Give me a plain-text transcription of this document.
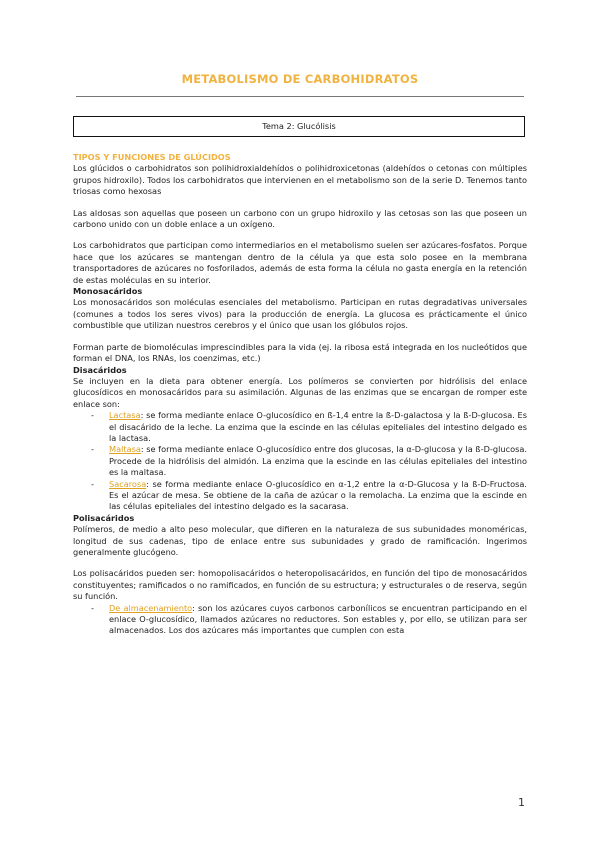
METABOLISMO DE CARBOHIDRATOS
Tema 2: Glucólisis

TIPOS Y FUNCIONES DE GLÚCIDOS

Los glúcidos o carbohidratos son polihidroxialdehídos o polihidroxicetonas (aldehídos o cetonas con múltiples grupos hidroxilo). Todos los carbohidratos que intervienen en el metabolismo son de la serie D. Tenemos tanto triosas como hexosas

Las aldosas son aquellas que poseen un carbono con un grupo hidroxilo y las cetosas son las que poseen un carbono unido con un doble enlace a un oxígeno.

Los carbohidratos que participan como intermediarios en el metabolismo suelen ser azúcares-fosfatos. Porque hace que los azúcares se mantengan dentro de la célula ya que esta solo posee en la membrana transportadores de azúcares no fosforilados, además de esta forma la célula no gasta energía en la retención de estas moléculas en su interior.

Monosacáridos

Los monosacáridos son moléculas esenciales del metabolismo. Participan en rutas degradativas universales (comunes a todos los seres vivos) para la producción de energía. La glucosa es prácticamente el único combustible que utilizan nuestros cerebros y el único que usan los glóbulos rojos.

Forman parte de biomoléculas imprescindibles para la vida (ej. la ribosa está integrada en los nucleótidos que forman el DNA, los RNAs, los coenzimas, etc.)

Disacáridos

Se incluyen en la dieta para obtener energía. Los polímeros se convierten por hidrólisis del enlace glucosídicos en monosacáridos para su asimilación. Algunas de las enzimas que se encargan de romper este enlace son:

- Lactasa: se forma mediante enlace O-glucosídico en ß-1,4 entre la ß-D-galactosa y la ß-D-glucosa. Es el disacárido de la leche. La enzima que la escinde en las células epiteliales del intestino delgado es la lactasa.
- Maltasa: se forma mediante enlace O-glucosídico entre dos glucosas, la α-D-glucosa y la ß-D-glucosa. Procede de la hidrólisis del almidón. La enzima que la escinde en las células epiteliales del intestino es la maltasa.
- Sacarosa: se forma mediante enlace O-glucosídico en α-1,2 entre la α-D-Glucosa y la ß-D-Fructosa. Es el azúcar de mesa. Se obtiene de la caña de azúcar o la remolacha. La enzima que la escinde en las células epiteliales del intestino delgado es la sacarasa.

Polisacáridos

Polímeros, de medio a alto peso molecular, que difieren en la naturaleza de sus subunidades monoméricas, longitud de sus cadenas, tipo de enlace entre sus subunidades y grado de ramificación. Ingerimos generalmente glucógeno.

Los polisacáridos pueden ser: homopolisacáridos o heteropolisacáridos, en función del tipo de monosacáridos constituyentes; ramificados o no ramificados, en función de su estructura; y estructurales o de reserva, según su función.

- De almacenamiento: son los azúcares cuyos carbonos carbonílicos se encuentran participando en el enlace O-glucosídico, llamados azúcares no reductores. Son estables y, por ello, se utilizan para ser almacenados. Los dos azúcares más importantes que cumplen con esta
1
